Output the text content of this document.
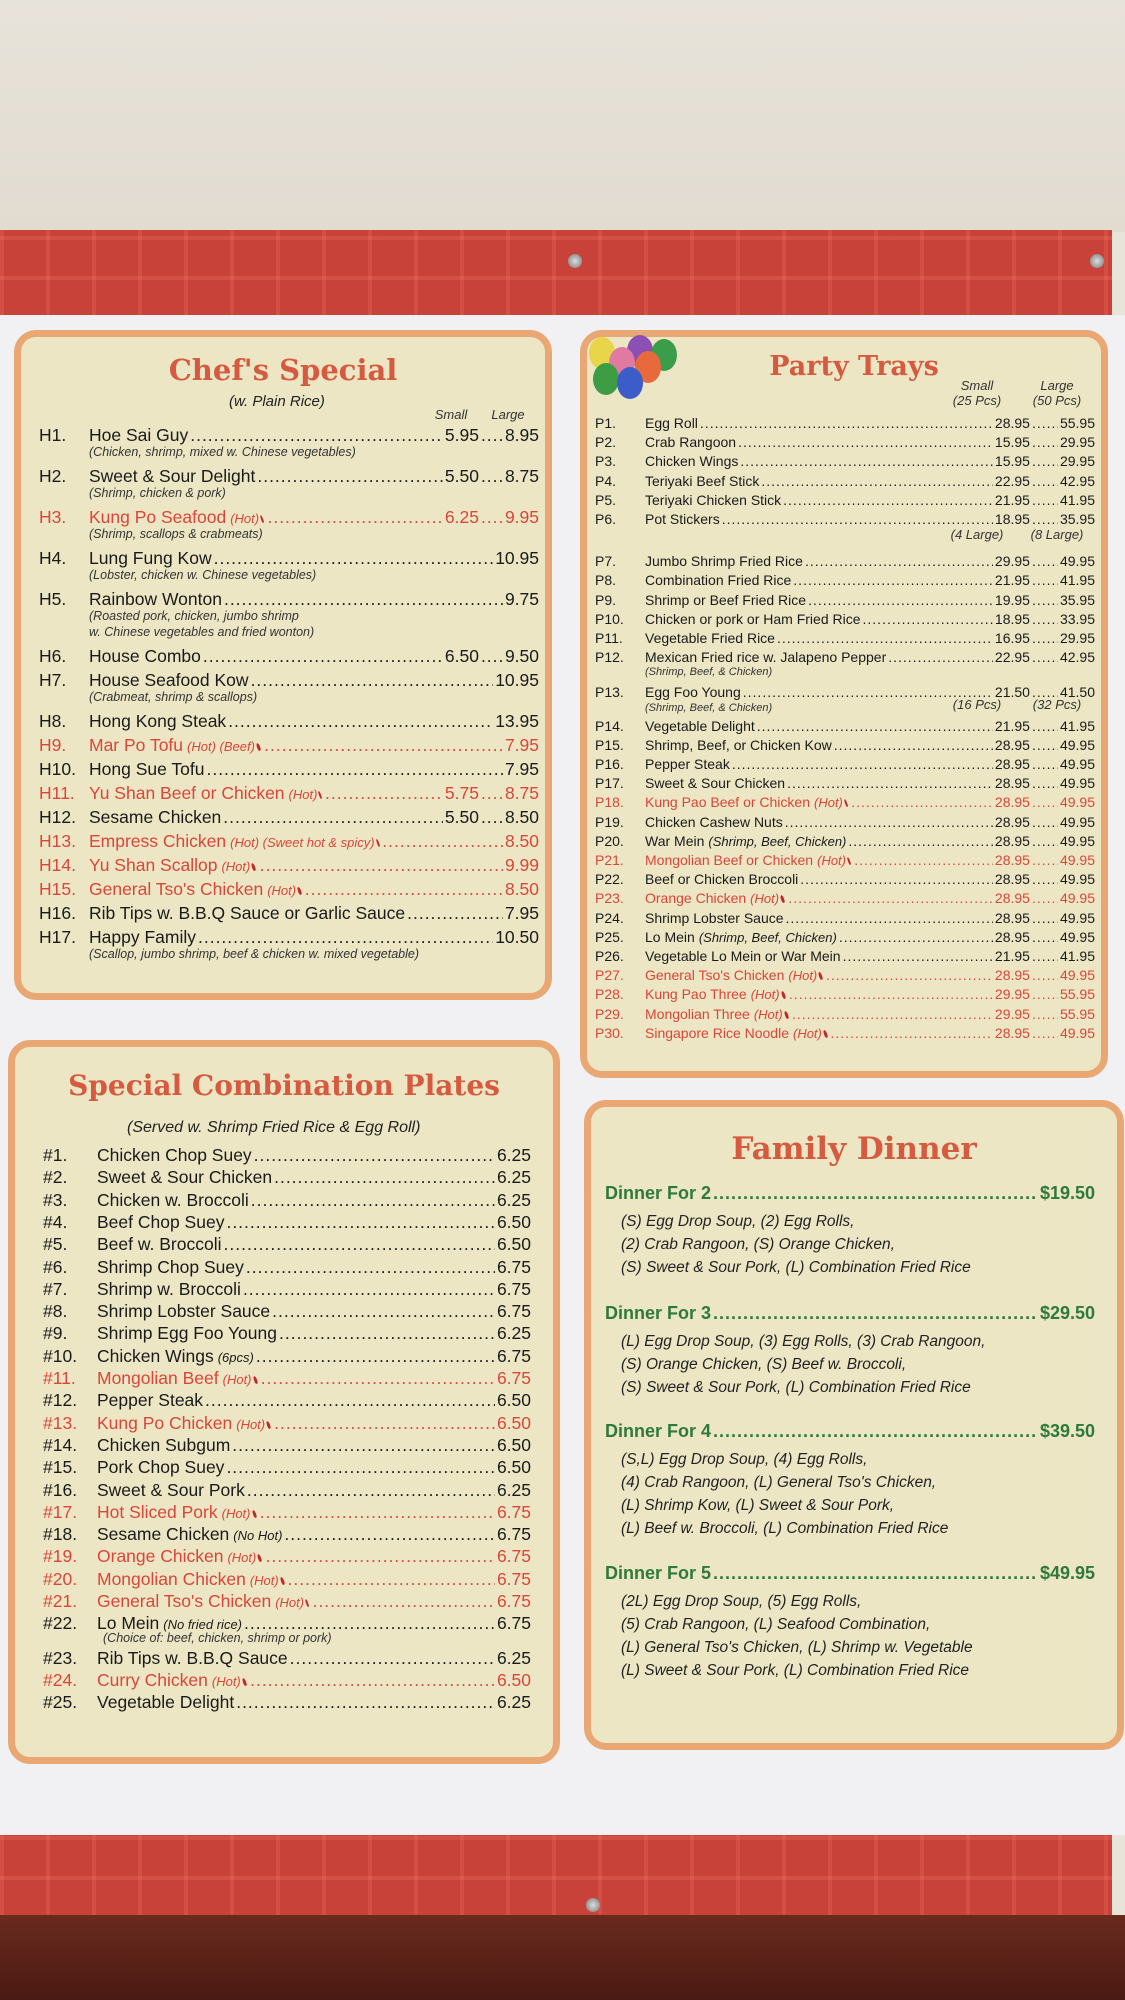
Chef's Special
(w. Plain Rice)
Small	Large
H1.	Hoe Sai Guy .....	5.95 ..... 8.95
(Chicken, shrimp, mixed w. Chinese vegetables)
H2.	Sweet & Sour Delight .....	5.50 ..... 8.75
(Shrimp, chicken & pork)
H3.	Kung Po Seafood (Hot) .....	6.25 ..... 9.95
(Shrimp, scallops & crabmeats)
H4.	Lung Fung Kow .....	10.95
(Lobster, chicken w. Chinese vegetables)
H5.	Rainbow Wonton .....	9.75
(Roasted pork, chicken, jumbo shrimp
w. Chinese vegetables and fried wonton)
H6.	House Combo .....	6.50 ..... 9.50
H7.	House Seafood Kow .....	10.95
(Crabmeat, shrimp & scallops)
H8.	Hong Kong Steak .....	13.95
H9.	Mar Po Tofu (Hot) (Beef) .....	7.95
H10. Hong Sue Tofu .....	7.95
H11. Yu Shan Beef or Chicken (Hot) .....	5.75 ..... 8.75
H12. Sesame Chicken .....	5.50 ..... 8.50
H13. Empress Chicken (Hot) (Sweet hot & spicy) .....	8.50
H14. Yu Shan Scallop (Hot) .....	9.99
H15. General Tso's Chicken (Hot) .....	8.50
H16. Rib Tips w. B.B.Q Sauce or Garlic Sauce .....	7.95
H17. Happy Family .....	10.50
(Scallop, jumbo shrimp, beef & chicken w. mixed vegetable)
Party Trays
Small	Large
(25 Pcs)	(50 Pcs)
(4 Large)	(8 Large)
(16 Pcs)	(32 Pcs)
P1.	Egg Roll .....	28.95 ..... 55.95
P2.	Crab Rangoon .....	15.95 ..... 29.95
P3.	Chicken Wings .....	15.95 ..... 29.95
P4.	Teriyaki Beef Stick .....	22.95 ..... 42.95
P5.	Teriyaki Chicken Stick .....	21.95 ..... 41.95
P6.	Pot Stickers .....	18.95 ..... 35.95
P7.	Jumbo Shrimp Fried Rice .....	29.95 ..... 49.95
P8.	Combination Fried Rice .....	21.95 ..... 41.95
P9.	Shrimp or Beef Fried Rice .....	19.95 ..... 35.95
P10.	Chicken or pork or Ham Fried Rice .....	18.95 ..... 33.95
P11.	Vegetable Fried Rice .....	16.95 ..... 29.95
P12.	Mexican Fried rice w. Jalapeno Pepper .....	22.95 ..... 42.95
(Shrimp, Beef, & Chicken)
P13.	Egg Foo Young .....	21.50 ..... 41.50
(Shrimp, Beef, & Chicken)
P14.	Vegetable Delight .....	21.95 ..... 41.95
P15.	Shrimp, Beef, or Chicken Kow .....	28.95 ..... 49.95
P16.	Pepper Steak .....	28.95 ..... 49.95
P17.	Sweet & Sour Chicken .....	28.95 ..... 49.95
P18.	Kung Pao Beef or Chicken (Hot) .....	28.95 ..... 49.95
P19.	Chicken Cashew Nuts .....	28.95 ..... 49.95
P20.	War Mein (Shrimp, Beef, Chicken) .....	28.95 ..... 49.95
P21.	Mongolian Beef or Chicken (Hot) .....	28.95 ..... 49.95
P22.	Beef or Chicken Broccoli .....	28.95 ..... 49.95
P23.	Orange Chicken (Hot) .....	28.95 ..... 49.95
P24.	Shrimp Lobster Sauce .....	28.95 ..... 49.95
P25.	Lo Mein (Shrimp, Beef, Chicken) .....	28.95 ..... 49.95
P26.	Vegetable Lo Mein or War Mein .....	21.95 ..... 41.95
P27.	General Tso's Chicken (Hot) .....	28.95 ..... 49.95
P28.	Kung Pao Three (Hot) .....	29.95 ..... 55.95
P29.	Mongolian Three (Hot) .....	29.95 ..... 55.95
P30.	Singapore Rice Noodle (Hot) .....	28.95 ..... 49.95
Special Combination Plates
(Served w. Shrimp Fried Rice & Egg Roll)
#1.	Chicken Chop Suey .....	6.25
#2.	Sweet & Sour Chicken .....	6.25
#3.	Chicken w. Broccoli .....	6.25
#4.	Beef Chop Suey .....	6.50
#5.	Beef w. Broccoli .....	6.50
#6.	Shrimp Chop Suey .....	6.75
#7.	Shrimp w. Broccoli .....	6.75
#8.	Shrimp Lobster Sauce .....	6.75
#9.	Shrimp Egg Foo Young .....	6.25
#10.	Chicken Wings (6pcs) .....	6.75
#11.	Mongolian Beef (Hot) .....	6.75
#12.	Pepper Steak .....	6.50
#13.	Kung Po Chicken (Hot) .....	6.50
#14.	Chicken Subgum .....	6.50
#15.	Pork Chop Suey .....	6.50
#16.	Sweet & Sour Pork .....	6.25
#17.	Hot Sliced Pork (Hot) .....	6.75
#18.	Sesame Chicken (No Hot) .....	6.75
#19.	Orange Chicken (Hot) .....	6.75
#20.	Mongolian Chicken (Hot) .....	6.75
#21.	General Tso's Chicken (Hot) .....	6.75
#22.	Lo Mein (No fried rice) .....	6.75
(Choice of: beef, chicken, shrimp or pork)
#23.	Rib Tips w. B.B.Q Sauce .....	6.25
#24.	Curry Chicken (Hot) .....	6.50
#25.	Vegetable Delight .....	6.25
Family Dinner
Dinner For 2 .....	$19.50
(S) Egg Drop Soup, (2) Egg Rolls,
(2) Crab Rangoon, (S) Orange Chicken,
(S) Sweet & Sour Pork, (L) Combination Fried Rice
Dinner For 3 .....	$29.50
(L) Egg Drop Soup, (3) Egg Rolls, (3) Crab Rangoon,
(S) Orange Chicken, (S) Beef w. Broccoli,
(S) Sweet & Sour Pork, (L) Combination Fried Rice
Dinner For 4 .....	$39.50
(S,L) Egg Drop Soup, (4) Egg Rolls,
(4) Crab Rangoon, (L) General Tso's Chicken,
(L) Shrimp Kow, (L) Sweet & Sour Pork,
(L) Beef w. Broccoli, (L) Combination Fried Rice
Dinner For 5 .....	$49.95
(2L) Egg Drop Soup, (5) Egg Rolls,
(5) Crab Rangoon, (L) Seafood Combination,
(L) General Tso's Chicken, (L) Shrimp w. Vegetable
(L) Sweet & Sour Pork, (L) Combination Fried Rice
